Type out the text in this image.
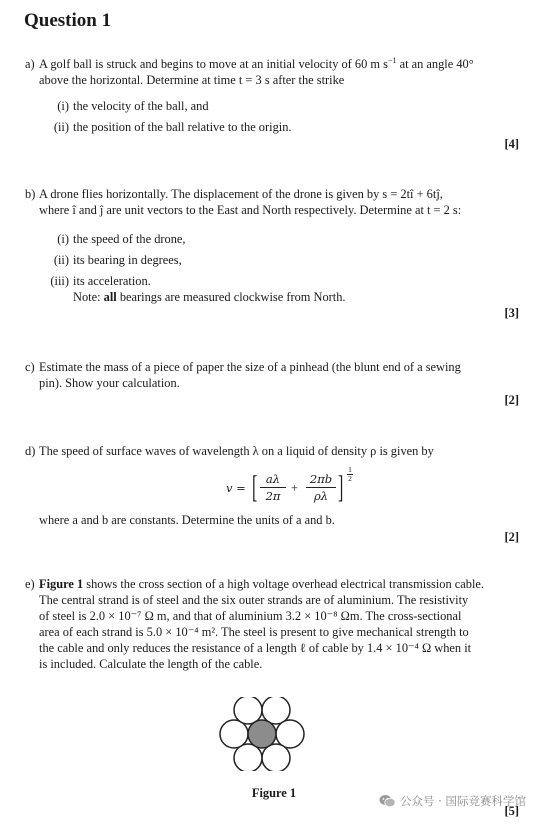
Question 1
a) A golf ball is struck and begins to move at an initial velocity of 60 m $s^{-1}$ at an angle 40°
above the horizontal. Determine at time t = 3 s after the strike
(i) the velocity of the ball, and
(ii) the position of the ball relative to the origin.
[4]
b) A drone flies horizontally. The displacement of the drone is given by s = 2tî + 6tĵ,
where î and ĵ are unit vectors to the East and North respectively. Determine at t = 2 s:
(i) the speed of the drone,
(ii) its bearing in degrees,
(iii) its acceleration.
Note: all bearings are measured clockwise from North.
[3]
c) Estimate the mass of a piece of paper the size of a pinhead (the blunt end of a sewing
pin). Show your calculation.
[2]
d) The speed of surface waves of wavelength λ on a liquid of density ρ is given by
v = [ aλ
2π
+
2πb
ρλ ] $\frac{1}{2}$
where a and b are constants. Determine the units of a and b.
[2]
e) Figure 1 shows the cross section of a high voltage overhead electrical transmission cable.
The central strand is of steel and the six outer strands are of aluminium. The resistivity
of steel is 2.0 × 10⁻⁷ Ω m, and that of aluminium 3.2 × 10⁻⁸ Ωm. The cross-sectional
area of each strand is 5.0 × 10⁻⁴ m². The steel is present to give mechanical strength to
the cable and only reduces the resistance of a length ℓ of cable by 1.4 × 10⁻⁴ Ω when it
is included. Calculate the length of the cable.
Figure 1
[5]
公众号 · 国际竞赛科学馆
